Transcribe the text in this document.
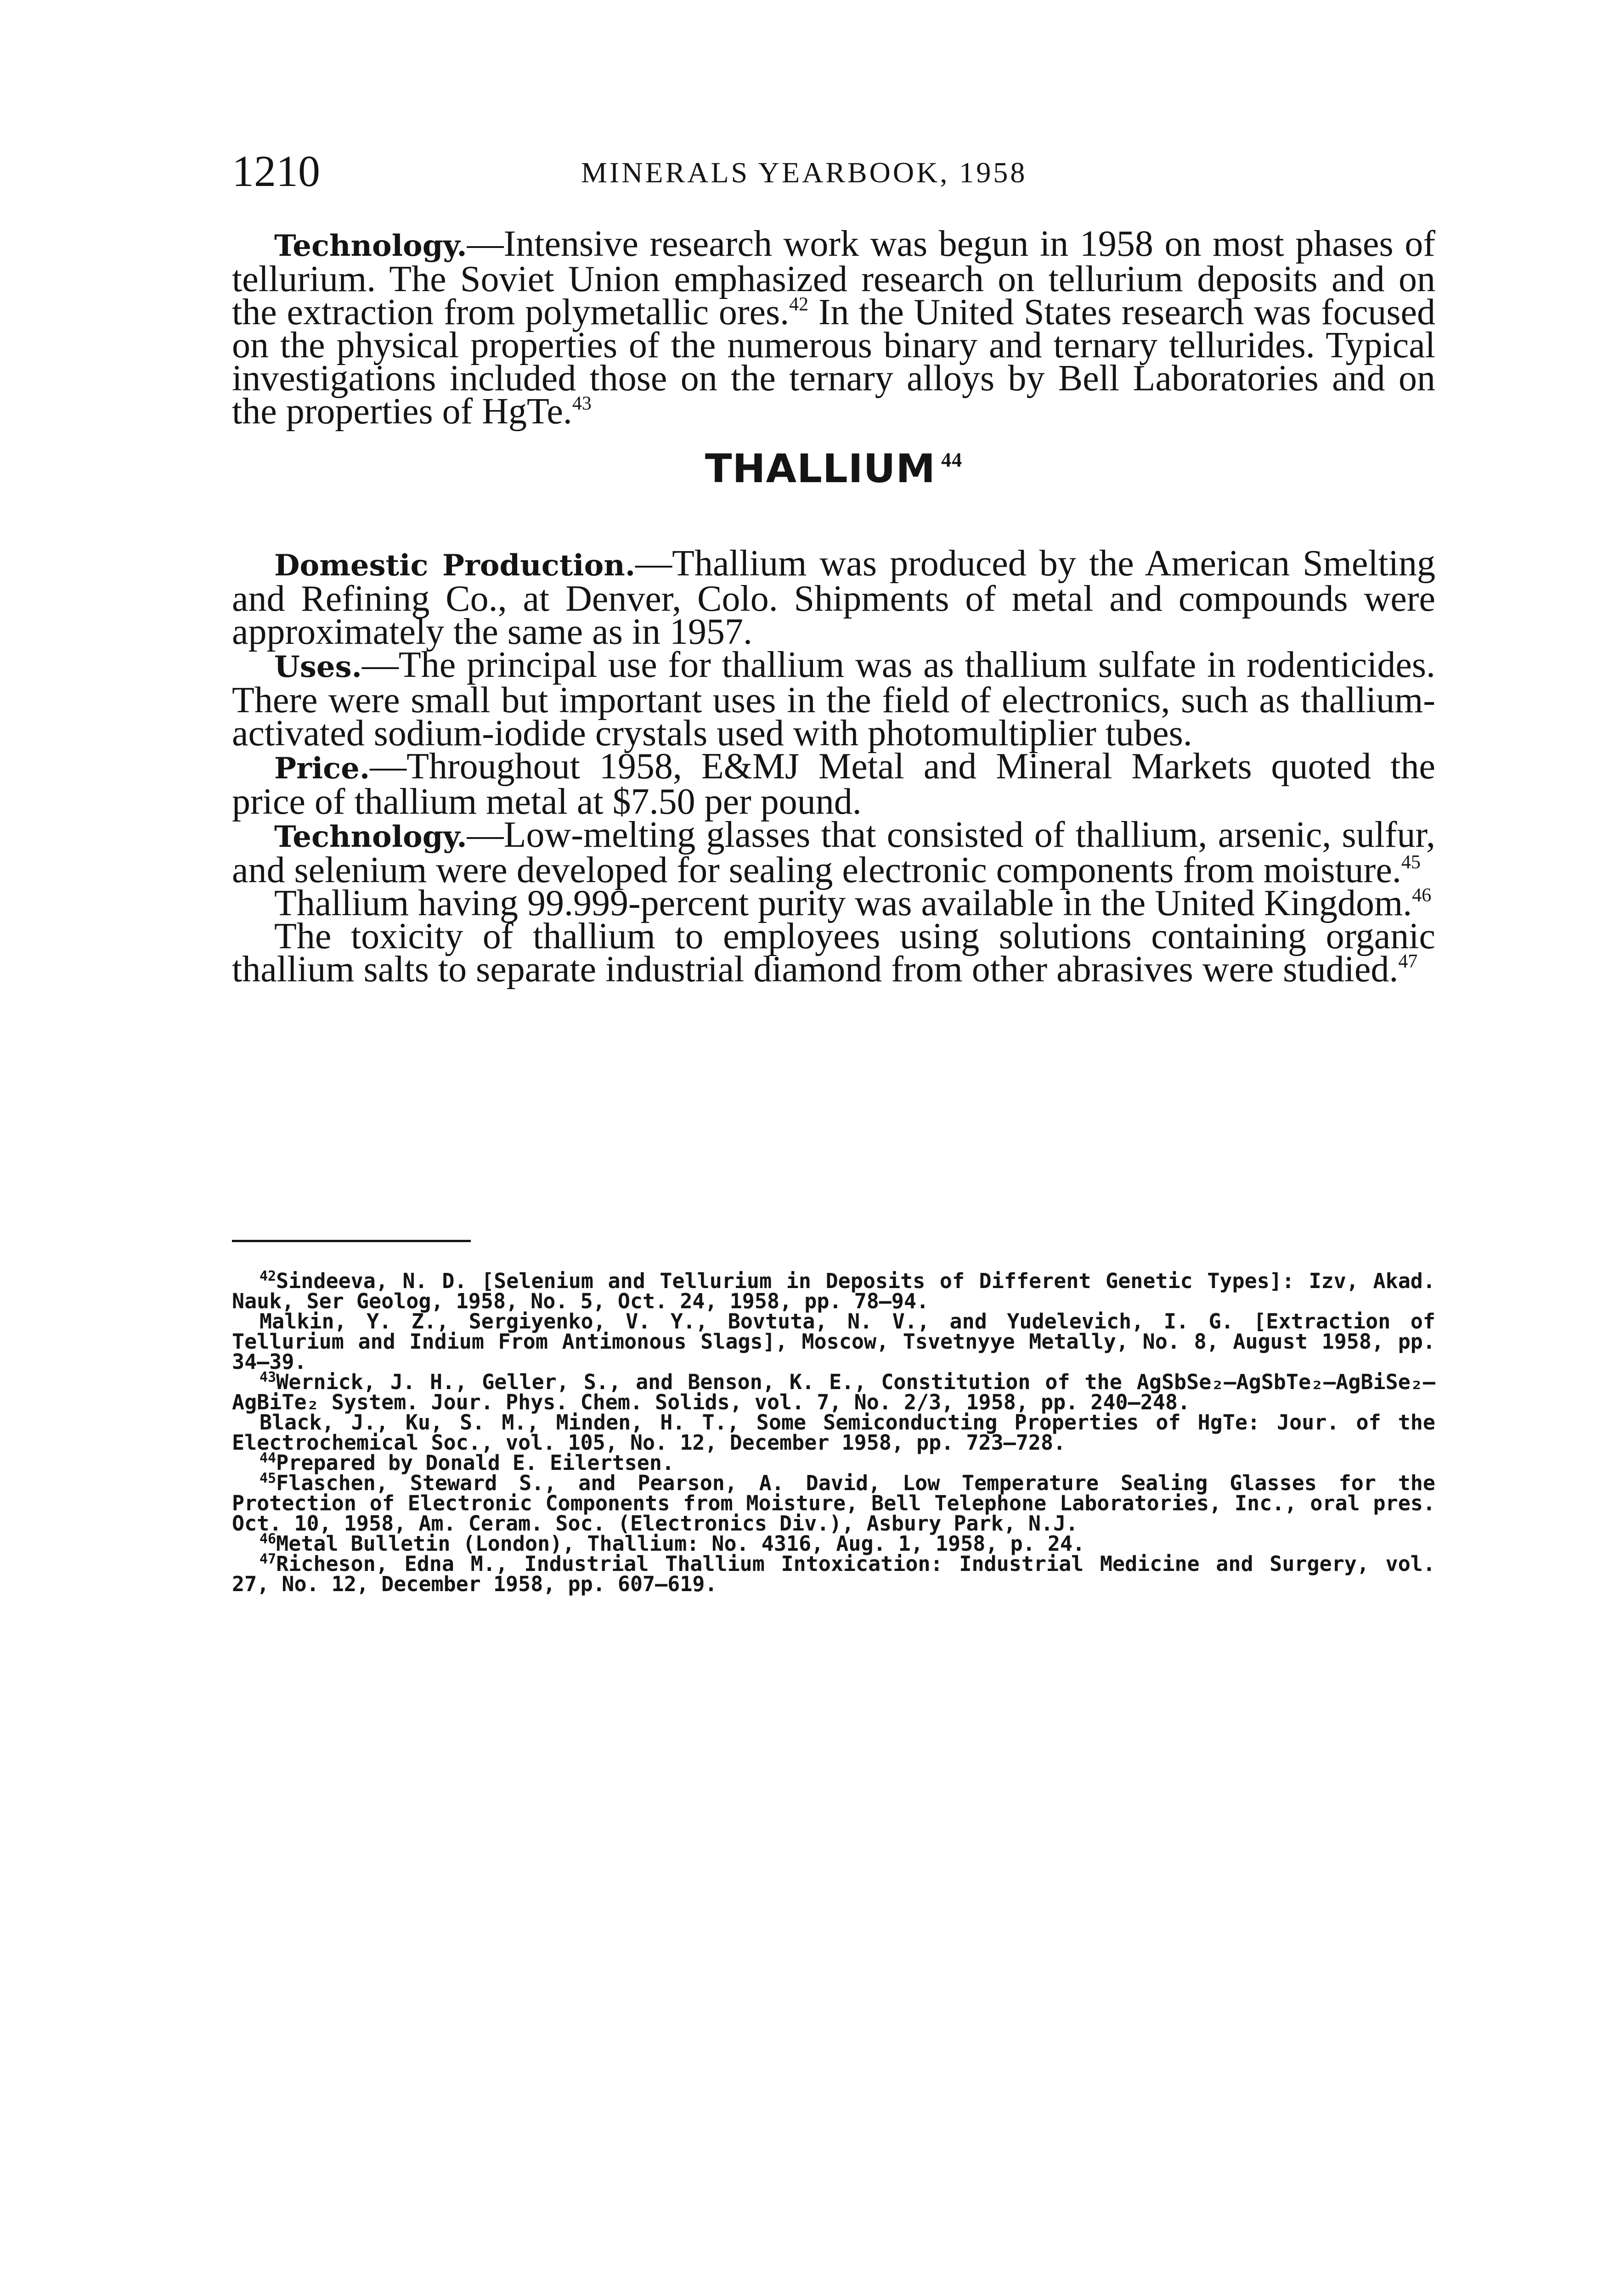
1210	MINERALS YEARBOOK, 1958

Technology.—Intensive research work was begun in 1958 on most phases of tellurium. The Soviet Union emphasized research on tellurium deposits and on the extraction from polymetallic ores.$^{42}$ In the United States research was focused on the physical properties of the numerous binary and ternary tellurides. Typical investigations included those on the ternary alloys by Bell Laboratories and on the properties of HgTe.$^{43}$

THALLIUM $^{44}$

Domestic Production.—Thallium was produced by the American Smelting and Refining Co., at Denver, Colo. Shipments of metal and compounds were approximately the same as in 1957.

Uses.—The principal use for thallium was as thallium sulfate in rodenticides. There were small but important uses in the field of electronics, such as thallium-activated sodium-iodide crystals used with photomultiplier tubes.

Price.—Throughout 1958, E&MJ Metal and Mineral Markets quoted the price of thallium metal at $7.50 per pound.

Technology.—Low-melting glasses that consisted of thallium, arsenic, sulfur, and selenium were developed for sealing electronic components from moisture.$^{45}$

Thallium having 99.999-percent purity was available in the United Kingdom.$^{46}$

The toxicity of thallium to employees using solutions containing organic thallium salts to separate industrial diamond from other abrasives were studied.$^{47}$

$^{42}$Sindeeva, N. D. [Selenium and Tellurium in Deposits of Different Genetic Types]: Izv, Akad. Nauk, Ser Geolog, 1958, No. 5, Oct. 24, 1958, pp. 78–94.

Malkin, Y. Z., Sergiyenko, V. Y., Bovtuta, N. V., and Yudelevich, I. G. [Extraction of Tellurium and Indium From Antimonous Slags], Moscow, Tsvetnyye Metally, No. 8, August 1958, pp. 34–39.

$^{43}$Wernick, J. H., Geller, S., and Benson, K. E., Constitution of the AgSbSe₂–AgSbTe₂–AgBiSe₂–AgBiTe₂ System. Jour. Phys. Chem. Solids, vol. 7, No. 2/3, 1958, pp. 240–248.

Black, J., Ku, S. M., Minden, H. T., Some Semiconducting Properties of HgTe: Jour. of the Electrochemical Soc., vol. 105, No. 12, December 1958, pp. 723–728.

$^{44}$Prepared by Donald E. Eilertsen.

$^{45}$Flaschen, Steward S., and Pearson, A. David, Low Temperature Sealing Glasses for the Protection of Electronic Components from Moisture, Bell Telephone Laboratories, Inc., oral pres. Oct. 10, 1958, Am. Ceram. Soc. (Electronics Div.), Asbury Park, N.J.

$^{46}$Metal Bulletin (London), Thallium: No. 4316, Aug. 1, 1958, p. 24.

$^{47}$Richeson, Edna M., Industrial Thallium Intoxication: Industrial Medicine and Surgery, vol. 27, No. 12, December 1958, pp. 607–619.
